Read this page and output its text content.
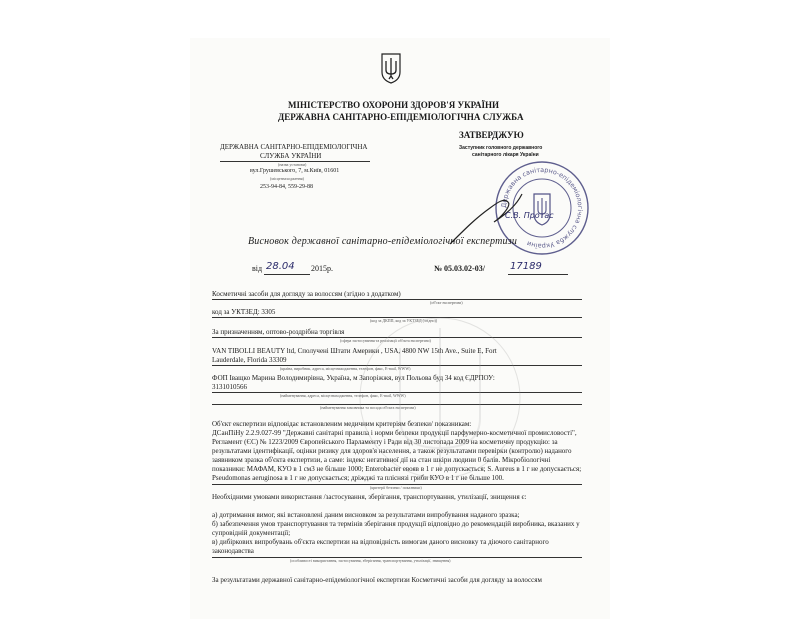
МІНІСТЕРСТВО ОХОРОНИ ЗДОРОВ'Я УКРАЇНИ
ДЕРЖАВНА САНІТАРНО-ЕПІДЕМІОЛОГІЧНА СЛУЖБА
ДЕРЖАВНА САНІТАРНО-ЕПІДЕМІОЛОГІЧНА
СЛУЖБА УКРАЇНИ
(назва установи)
вул.Грушевського, 7, м.Київ, 01601
(місцезнаходження)
253-94-84, 559-29-88
ЗАТВЕРДЖУЮ
Заступник головного державного
санітарного лікаря України
Державна санітарно-епідеміологічна служба України
С.В. Протас
Висновок державної санітарно-епідеміологічної експертизи
від 28.04 2015р.	№ 05.03.02-03/	17189
Косметичні засоби для догляду за волоссям (згідно з додатком)
(об'єкт експертизи)
код за УКТЗЕД: 3305
(код за ДКПП, код за УКТЗЕД (згідно))
За призначенням, оптово-роздрібна торгівля
(сфера застосування та реалізації об'єкта експертизи)
VAN TIBOLLI BEAUTY ltd, Сполучені Штати Америки , USA, 4800 NW 15th Ave., Suite E, Fort
Lauderdale, Florida 33309
(країна, виробник, адреса, місцезнаходження, телефон, факс, E-mail, WWW)
ФОП Іващко Марина Володимирівна, Україна, м Запоріжжя, вул Польова буд 34 код ЄДРПОУ:
3131010566
(найменування, адреса, місцезнаходження, телефон, факс, E-mail, WWW)
(найменування замовника та посада об'єкта експертизи)
Об'єкт експертизи відповідає встановленим медичним критеріям безпеки/ показникам:
ДСанПіНу 2.2.9.027-99 "Державні санітарні правила і норми безпеки продукції парфумерно-косметичної промисловості", Регламент (ЄС) № 1223/2009 Європейського Парламенту і Ради від 30 листопада 2009 на косметичну продукцію: за результатами ідентифікації, оцінки ризику для здоров'я населення, а також результатами перевірки (контролю) наданого заявником зразка об'єкта експертизи, а саме: індекс негативної дії на стан шкіри людини 0 балів. Мікробіологічні показники: МАФАМ, КУО в 1 см3 не більше 1000; Enterobacter евояв в 1 г не допускається; S. Aureus в 1 г не допускається; Pseudomonas aeruginosa в 1 г не допускається; дріжджі та пліснязі гриби КУО в 1 г не більше 100.
(критерії безпеки / показники)
Необхідними умовами використання /застосування, зберігання, транспортування, утилізації, знищення є:
а) дотримання вимог, які встановлені даним висновком за результатами випробування наданого зразка;
б) забезпечення умов транспортування та термінів зберігання продукції відповідно до рекомендацій виробника, вказаних у супровідній документації;
в) дибіркових випробувань об'єкта експертизи на відповідність вимогам даного висновку та діючого санітарного законодавства
(особливості використання, застосування, зберігання, транспортування, утилізації, знищення)
За результатами державної санітарно-епідеміологічної експертизи Косметичні засоби для догляду за волоссям
